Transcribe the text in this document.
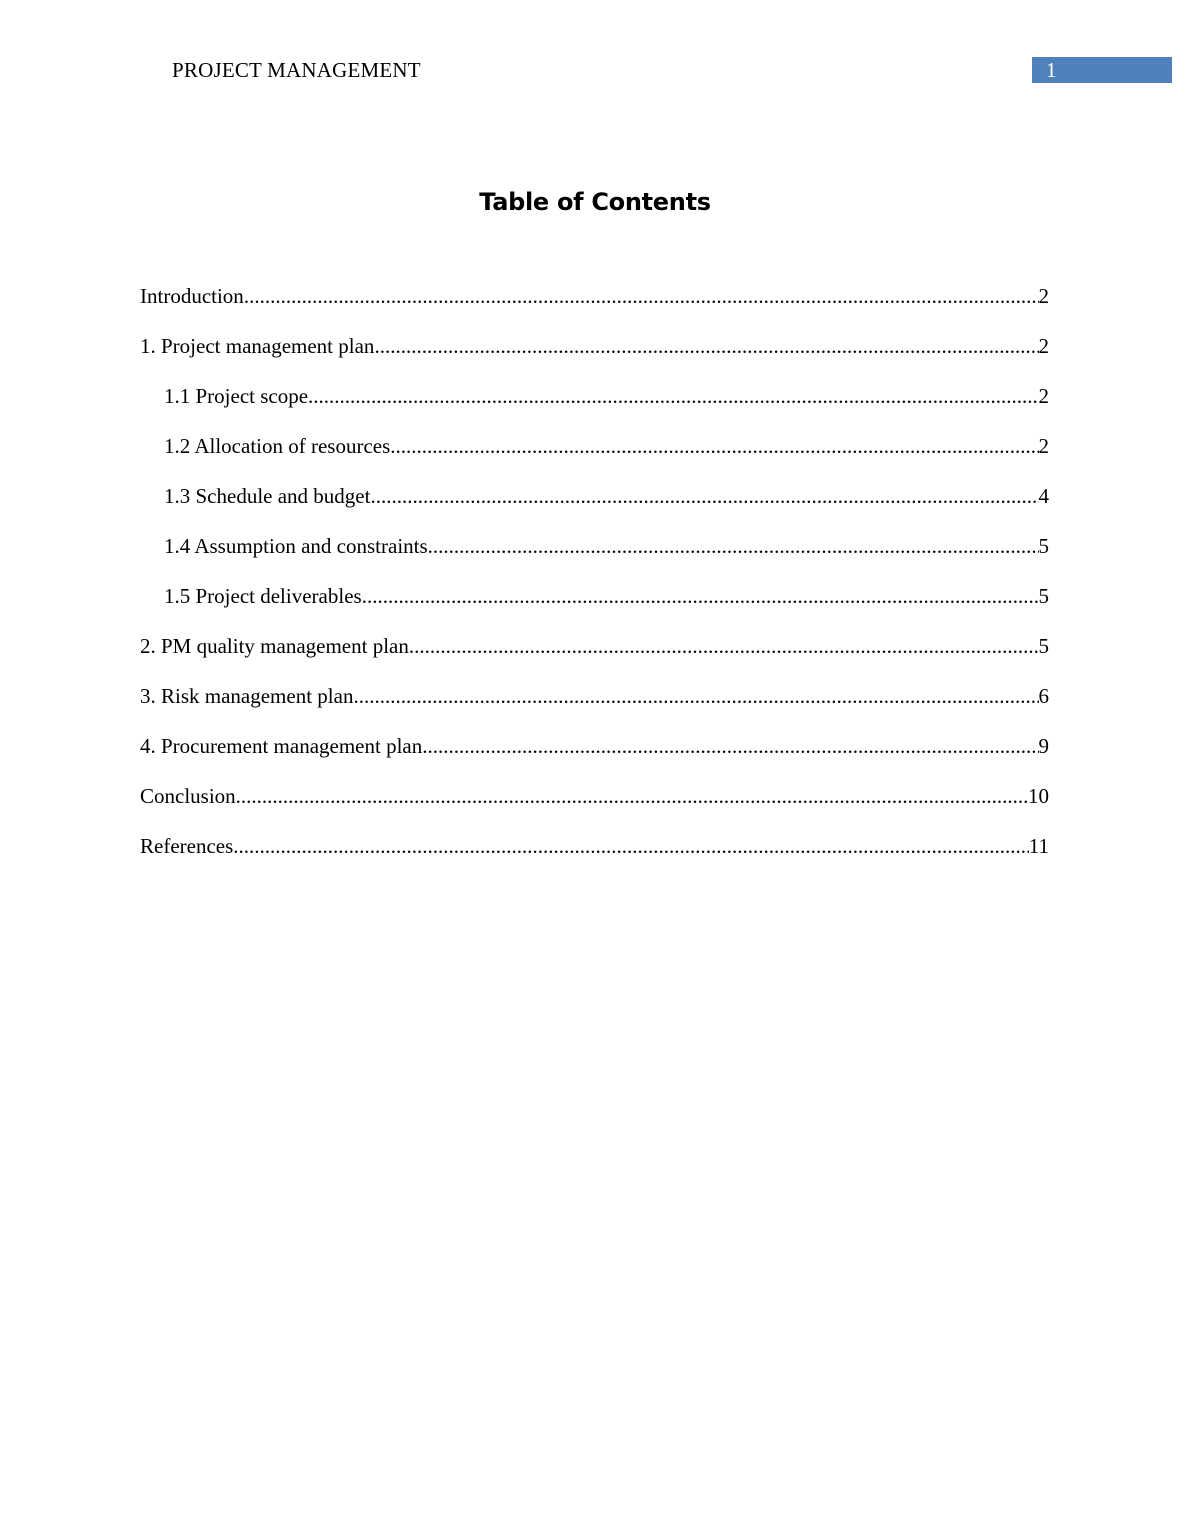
PROJECT MANAGEMENT	1
Table of Contents
Introduction .....	2
1. Project management plan .....	2
1.1 Project scope .....	2
1.2 Allocation of resources .....	2
1.3 Schedule and budget .....	4
1.4 Assumption and constraints .....	5
1.5 Project deliverables .....	5
2. PM quality management plan .....	5
3. Risk management plan .....	6
4. Procurement management plan .....	9
Conclusion .....	10
References .....	11
